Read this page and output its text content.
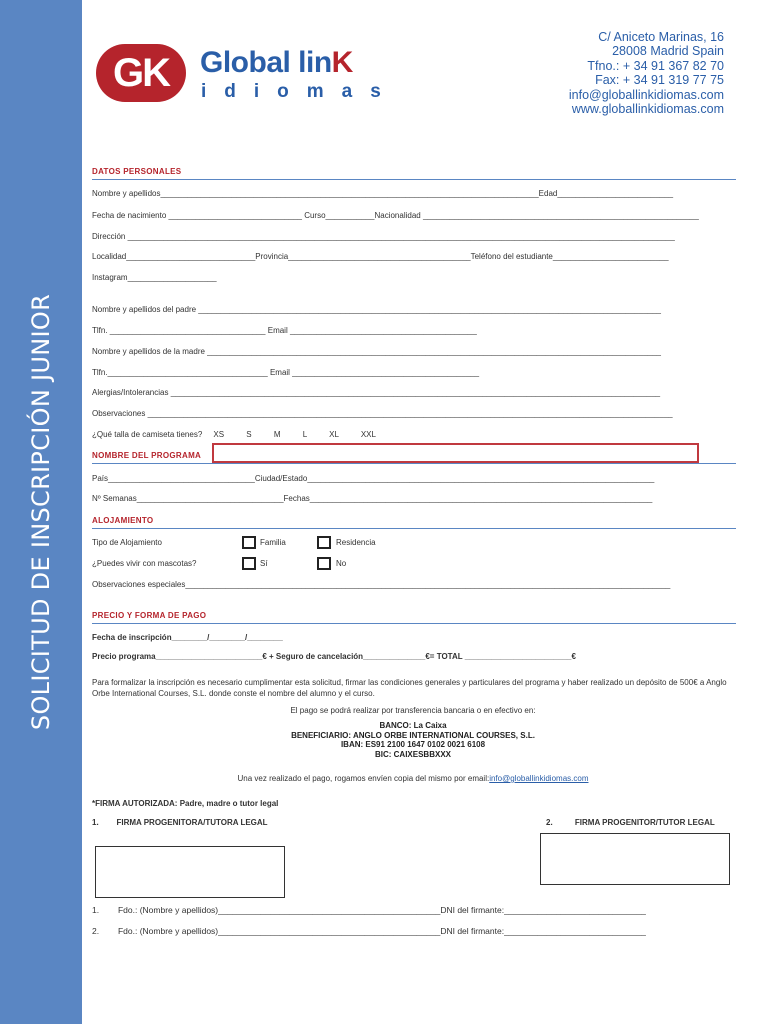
SOLICITUD DE INSCRIPCIÓN JUNIOR
GK	Global linK
idiomas
C/ Aniceto Marinas, 16
28008 Madrid Spain
Tfno.: + 34 91 367 82 70
Fax: + 34 91 319 77 75
info@globallinkidiomas.com
www.globallinkidiomas.com
DATOS PERSONALES
Nombre y apellidos_____________________________________________________________________________________Edad__________________________
Fecha de nacimiento ______________________________ Curso___________Nacionalidad ______________________________________________________________
Dirección ___________________________________________________________________________________________________________________________
Localidad_____________________________Provincia_________________________________________Teléfono del estudiante__________________________
Instagram____________________
Nombre y apellidos del padre ________________________________________________________________________________________________________
Tlfn. ___________________________________ Email __________________________________________
Nombre y apellidos de la madre ______________________________________________________________________________________________________
Tlfn.____________________________________ Email __________________________________________
Alergias/Intolerancias ______________________________________________________________________________________________________________
Observaciones ______________________________________________________________________________________________________________________
¿Qué talla de camiseta tienes?     XS          S          M          L          XL          XXL
NOMBRE DEL PROGRAMA
País_________________________________Ciudad/Estado______________________________________________________________________________
Nº Semanas_________________________________Fechas_____________________________________________________________________________
ALOJAMIENTO
Tipo de Alojamiento	Familia	Residencia
¿Puedes vivir con mascotas?	Sí	No
Observaciones especiales_____________________________________________________________________________________________________________
PRECIO Y FORMA DE PAGO
Fecha de inscripción________/________/________
Precio programa________________________€ + Seguro de cancelación______________€= TOTAL ________________________€
Para formalizar la inscripción es necesario cumplimentar esta solicitud, firmar las condiciones generales y particulares del programa y haber realizado un depósito de 500€ a Anglo Orbe International Courses, S.L. donde conste el nombre del alumno y el curso.
El pago se podrá realizar por transferencia bancaria o en efectivo en:
BANCO: La Caixa
BENEFICIARIO: ANGLO ORBE INTERNATIONAL COURSES, S.L.
IBAN: ES91 2100 1647 0102 0021 6108
BIC: CAIXESBBXXX
Una vez realizado el pago, rogamos envíen copia del mismo por email:info@globallinkidiomas.com
*FIRMA AUTORIZADA: Padre, madre o tutor legal
1.        FIRMA PROGENITORA/TUTORA LEGAL	2.          FIRMA PROGENITOR/TUTOR LEGAL
1.        Fdo.: (Nombre y apellidos)_______________________________________________DNI del firmante:______________________________
2.        Fdo.: (Nombre y apellidos)_______________________________________________DNI del firmante:______________________________
